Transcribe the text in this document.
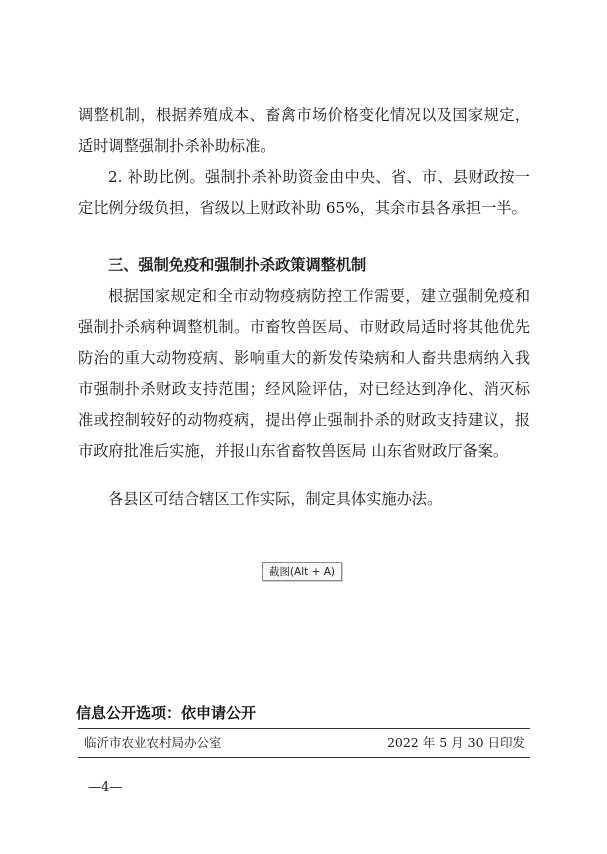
调整机制，根据养殖成本、畜禽市场价格变化情况以及国家规定，适时调整强制扑杀补助标准。

2. 补助比例。强制扑杀补助资金由中央、省、市、县财政按一定比例分级负担，省级以上财政补助 65%，其余市县各承担一半。

三、强制免疫和强制扑杀政策调整机制

根据国家规定和全市动物疫病防控工作需要，建立强制免疫和强制扑杀病种调整机制。市畜牧兽医局、市财政局适时将其他优先防治的重大动物疫病、影响重大的新发传染病和人畜共患病纳入我市强制扑杀财政支持范围；经风险评估，对已经达到净化、消灭标准或控制较好的动物疫病，提出停止强制扑杀的财政支持建议，报市政府批准后实施，并报山东省畜牧兽医局 山东省财政厅备案。

各县区可结合辖区工作实际，制定具体实施办法。

截图(Alt + A)
信息公开选项：依申请公开
临沂市农业农村局办公室	2022 年 5 月 30 日印发
—4—
